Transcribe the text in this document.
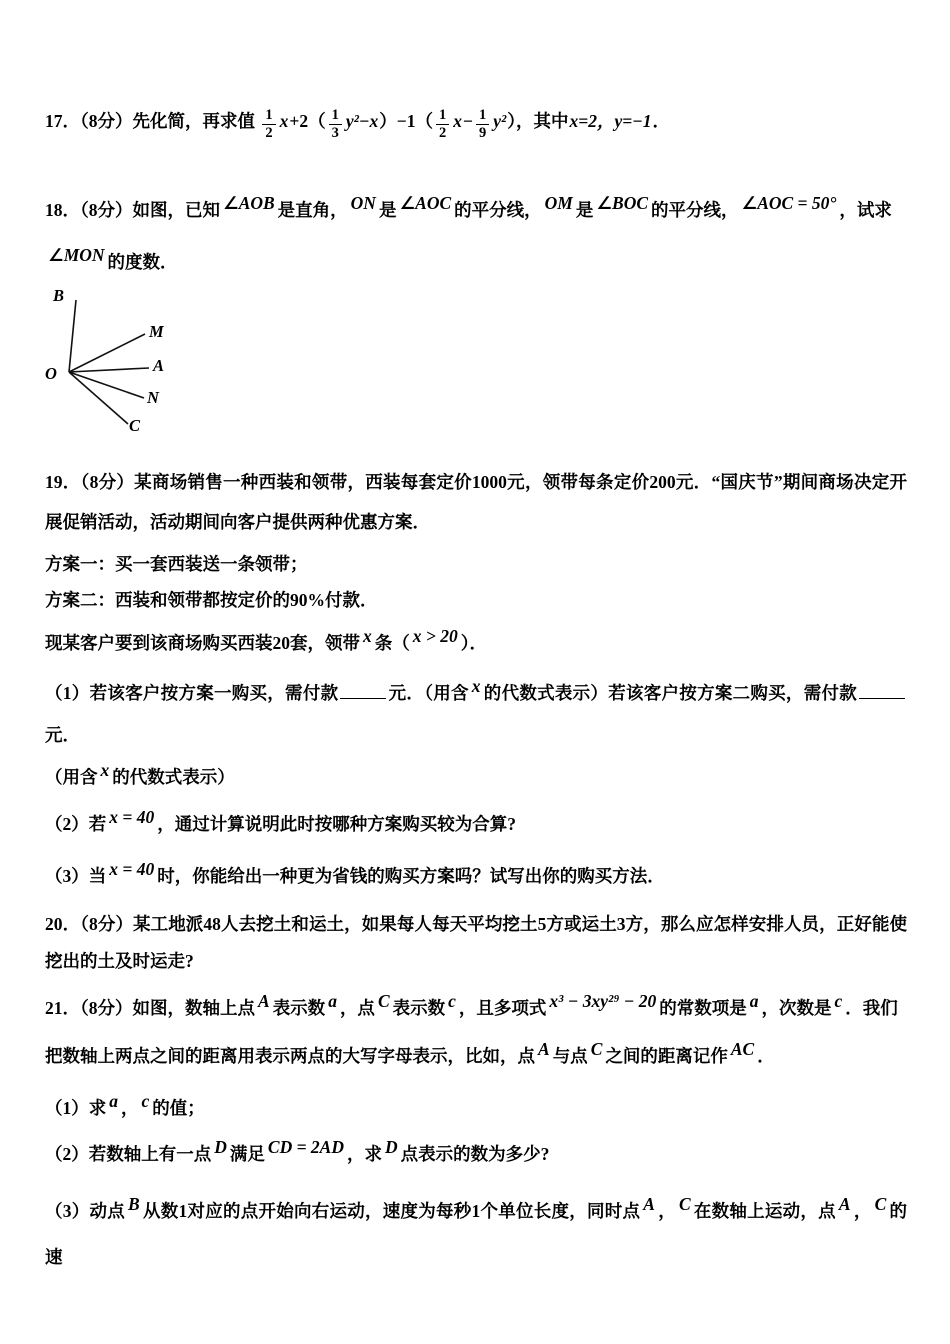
17．（8分）先化简，再求值 $\frac{1}{2} x+2( \frac{1}{3} y^2-x)-1( \frac{1}{2} x- \frac{1}{9} y^2)$，其中x=2，y=−1．
18．（8分）如图，已知 ∠AOB 是直角， ON 是 ∠AOC 的平分线， OM 是 ∠BOC 的平分线， ∠AOC = 50° ，试求
∠MON 的度数．
B
M
A
N
C
O
19．（8分）某商场销售一种西装和领带，西装每套定价1000元，领带每条定价200元．“国庆节”期间商场决定开展促销活动，活动期间向客户提供两种优惠方案．
方案一：买一套西装送一条领带；
方案二：西装和领带都按定价的90%付款．
现某客户要到该商场购买西装20套，领带 x 条（ x > 20 ）．
（1）若该客户按方案一购买，需付款	元．（用含 x 的代数式表示）若该客户按方案二购买，需付款元．
（用含 x 的代数式表示）
（2）若 x = 40 ，通过计算说明此时按哪种方案购买较为合算?
（3）当 x = 40 时，你能给出一种更为省钱的购买方案吗？试写出你的购买方法．
20．（8分）某工地派48人去挖土和运土，如果每人每天平均挖土5方或运土3方，那么应怎样安排人员，正好能使挖出的土及时运走?
21．（8分）如图，数轴上点 A 表示数 a ，点 C 表示数 c ，且多项式 x³ − 3xy²⁹ − 20 的常数项是 a ，次数是 c ．我们
把数轴上两点之间的距离用表示两点的大写字母表示，比如，点 A 与点 C 之间的距离记作 AC ．
（1）求 a ， c 的值；
（2）若数轴上有一点 D 满足 CD = 2AD ，求 D 点表示的数为多少?
（3）动点 B 从数1对应的点开始向右运动，速度为每秒1个单位长度，同时点 A ， C 在数轴上运动，点 A ， C 的速
